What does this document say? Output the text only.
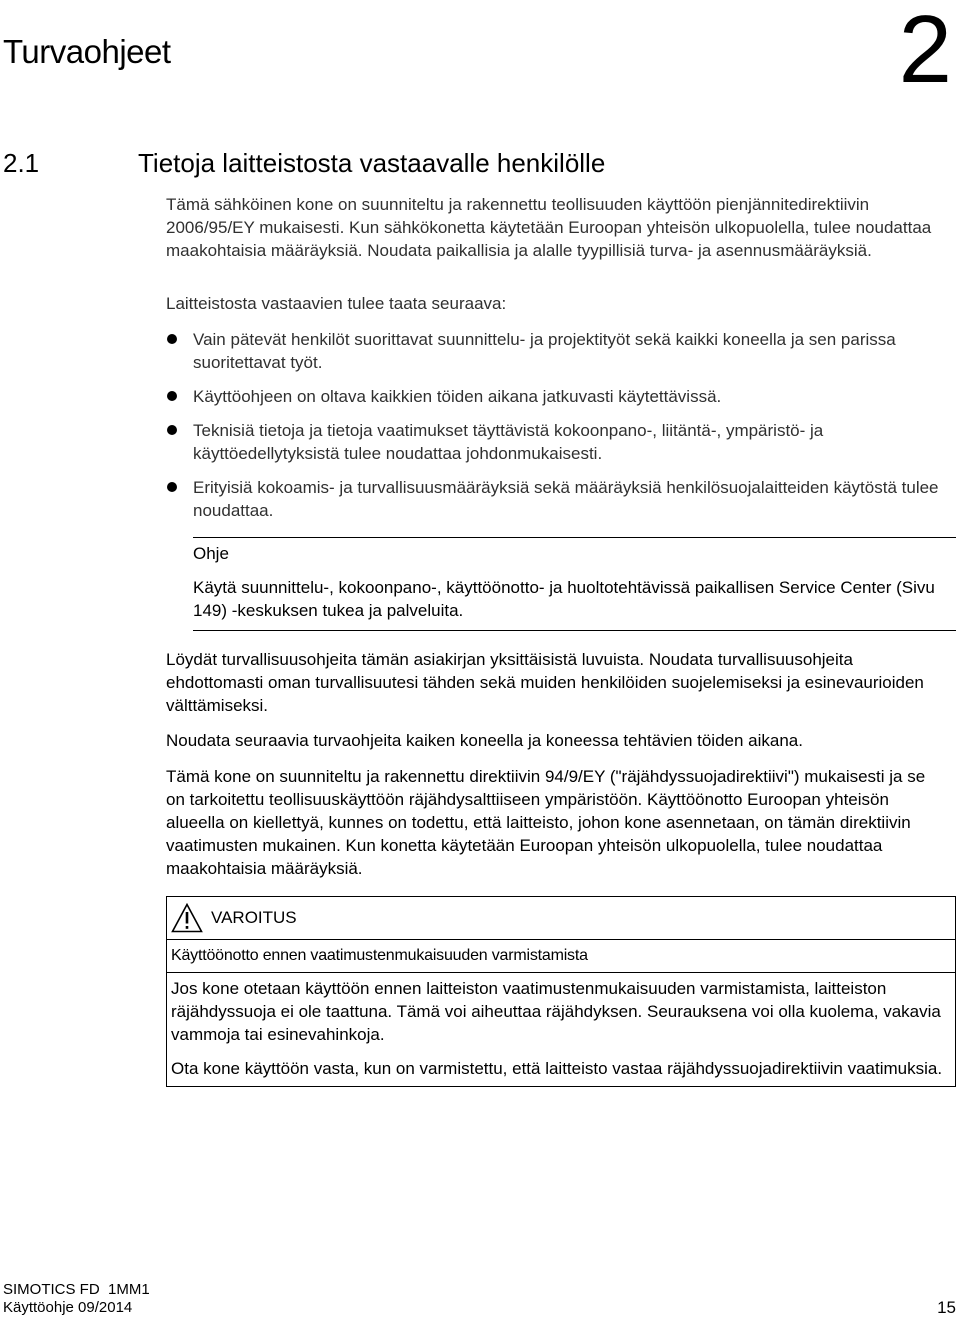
Turvaohjeet	2
2.1	Tietoja laitteistosta vastaavalle henkilölle

Tämä sähköinen kone on suunniteltu ja rakennettu teollisuuden käyttöön pienjännitedirektiivin 2006/95/EY mukaisesti. Kun sähkökonetta käytetään Euroopan yhteisön ulkopuolella, tulee noudattaa maakohtaisia määräyksiä. Noudata paikallisia ja alalle tyypillisiä turva- ja asennusmääräyksiä.

Laitteistosta vastaavien tulee taata seuraava:

Vain pätevät henkilöt suorittavat suunnittelu- ja projektityöt sekä kaikki koneella ja sen parissa suoritettavat työt.
Käyttöohjeen on oltava kaikkien töiden aikana jatkuvasti käytettävissä.
Teknisiä tietoja ja tietoja vaatimukset täyttävistä kokoonpano-, liitäntä-, ympäristö- ja käyttöedellytyksistä tulee noudattaa johdonmukaisesti.
Erityisiä kokoamis- ja turvallisuusmääräyksiä sekä määräyksiä henkilösuojalaitteiden käytöstä tulee noudattaa.

Ohje

Käytä suunnittelu-, kokoonpano-, käyttöönotto- ja huoltotehtävissä paikallisen Service Center (Sivu 149) -keskuksen tukea ja palveluita.

Löydät turvallisuusohjeita tämän asiakirjan yksittäisistä luvuista. Noudata turvallisuusohjeita ehdottomasti oman turvallisuutesi tähden sekä muiden henkilöiden suojelemiseksi ja esinevaurioiden välttämiseksi.

Noudata seuraavia turvaohjeita kaiken koneella ja koneessa tehtävien töiden aikana.

Tämä kone on suunniteltu ja rakennettu direktiivin 94/9/EY ("räjähdyssuojadirektiivi") mukaisesti ja se on tarkoitettu teollisuuskäyttöön räjähdysalttiiseen ympäristöön. Käyttöönotto Euroopan yhteisön alueella on kiellettyä, kunnes on todettu, että laitteisto, johon kone asennetaan, on tämän direktiivin vaatimusten mukainen. Kun konetta käytetään Euroopan yhteisön ulkopuolella, tulee noudattaa maakohtaisia määräyksiä.

VAROITUS
Käyttöönotto ennen vaatimustenmukaisuuden varmistamista

Jos kone otetaan käyttöön ennen laitteiston vaatimustenmukaisuuden varmistamista, laitteiston räjähdyssuoja ei ole taattuna. Tämä voi aiheuttaa räjähdyksen. Seurauksena voi olla kuolema, vakavia vammoja tai esinevahinkoja.

Ota kone käyttöön vasta, kun on varmistettu, että laitteisto vastaa räjähdyssuojadirektiivin vaatimuksia.

SIMOTICS FD  1MM1
Käyttöohje 09/2014	15
